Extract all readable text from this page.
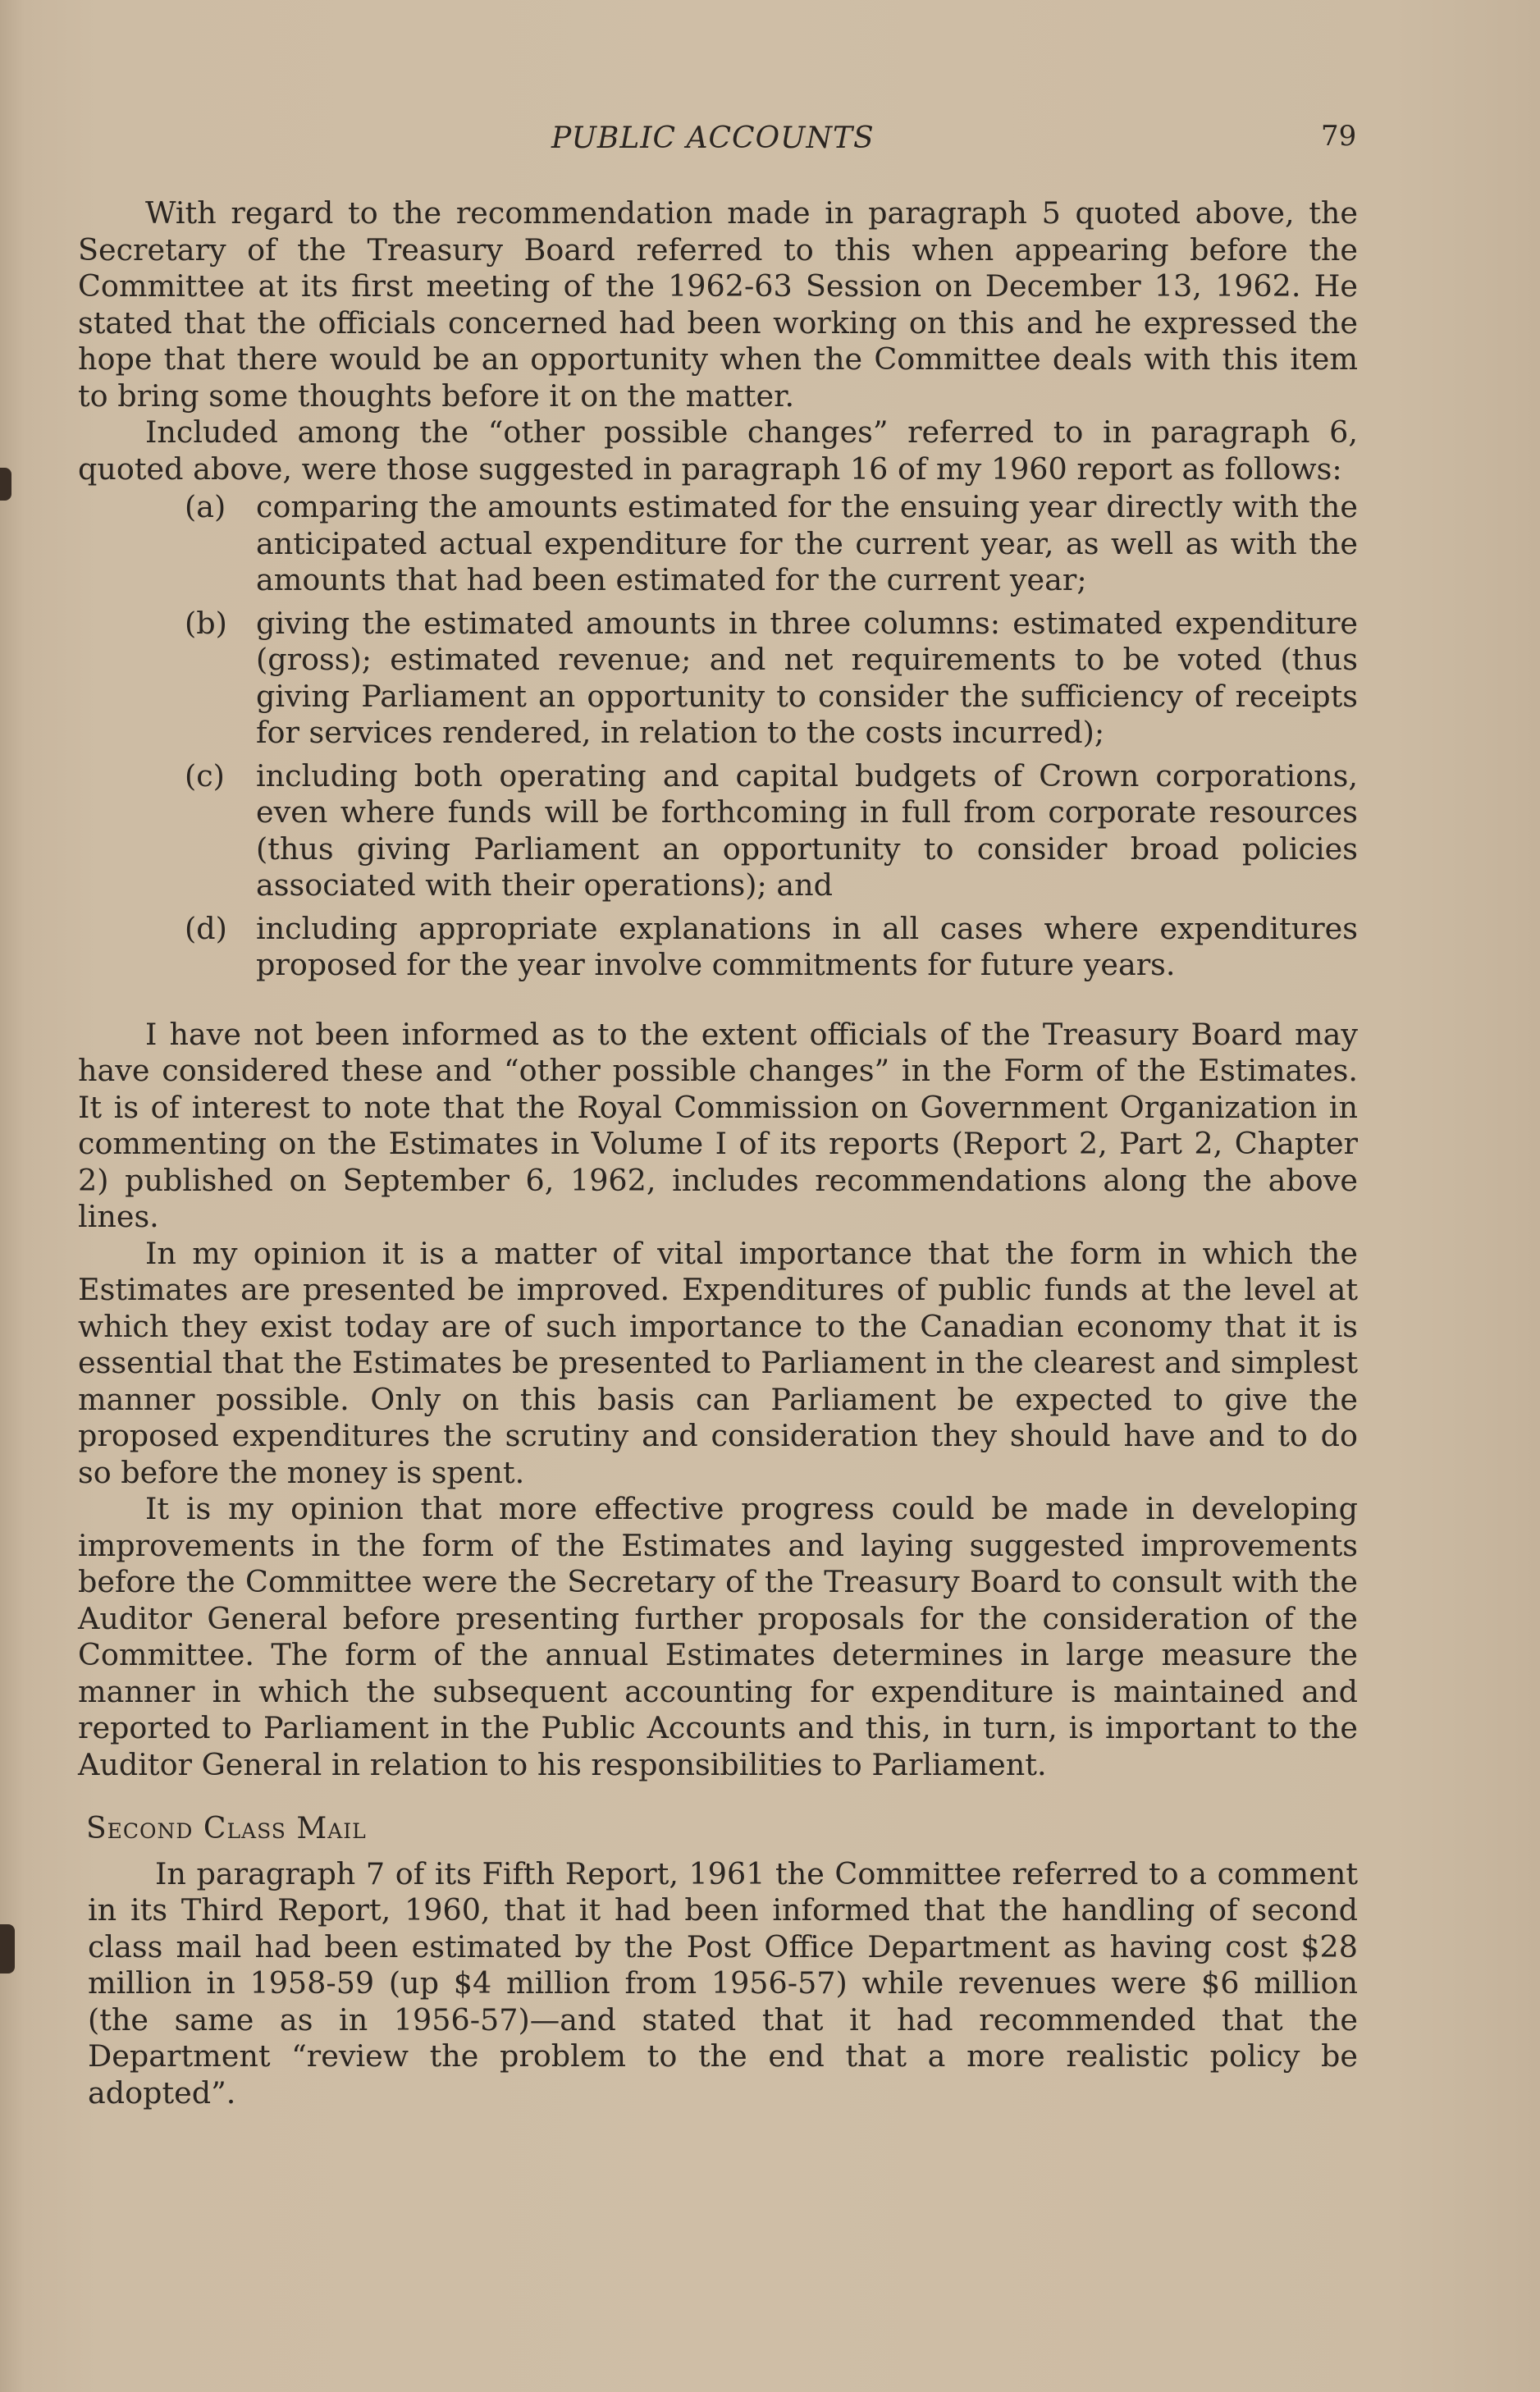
PUBLIC ACCOUNTS	79

With regard to the recommendation made in paragraph 5 quoted above, the Secretary of the Treasury Board referred to this when appearing before the Committee at its first meeting of the 1962-63 Session on December 13, 1962. He stated that the officials concerned had been working on this and he expressed the hope that there would be an opportunity when the Committee deals with this item to bring some thoughts before it on the matter.

Included among the “other possible changes” referred to in paragraph 6, quoted above, were those suggested in paragraph 16 of my 1960 report as follows:

(a)	comparing the amounts estimated for the ensuing year directly with the anticipated actual expenditure for the current year, as well as with the amounts that had been estimated for the current year;
(b) giving the estimated amounts in three columns: estimated expenditure (gross); estimated revenue; and net requirements to be voted (thus giving Parliament an opportunity to consider the sufficiency of receipts for services rendered, in relation to the costs incurred);
(c)	including both operating and capital budgets of Crown corporations, even where funds will be forthcoming in full from corporate resources (thus giving Parliament an opportunity to consider broad policies associated with their operations); and
(d) including appropriate explanations in all cases where expenditures proposed for the year involve commitments for future years.

I have not been informed as to the extent officials of the Treasury Board may have considered these and “other possible changes” in the Form of the Estimates. It is of interest to note that the Royal Commission on Government Organization in commenting on the Estimates in Volume I of its reports (Report 2, Part 2, Chapter 2) published on September 6, 1962, includes recommendations along the above lines.

In my opinion it is a matter of vital importance that the form in which the Estimates are presented be improved. Expenditures of public funds at the level at which they exist today are of such importance to the Canadian economy that it is essential that the Estimates be presented to Parliament in the clearest and simplest manner possible. Only on this basis can Parliament be expected to give the proposed expenditures the scrutiny and consideration they should have and to do so before the money is spent.

It is my opinion that more effective progress could be made in developing improvements in the form of the Estimates and laying suggested improvements before the Committee were the Secretary of the Treasury Board to consult with the Auditor General before presenting further proposals for the consideration of the Committee. The form of the annual Estimates determines in large measure the manner in which the subsequent accounting for expenditure is maintained and reported to Parliament in the Public Accounts and this, in turn, is important to the Auditor General in relation to his responsibilities to Parliament.

Second Class Mail

In paragraph 7 of its Fifth Report, 1961 the Committee referred to a comment in its Third Report, 1960, that it had been informed that the handling of second class mail had been estimated by the Post Office Department as having cost $28 million in 1958-59 (up $4 million from 1956-57) while revenues were $6 million (the same as in 1956-57)—and stated that it had recommended that the Department “review the problem to the end that a more realistic policy be adopted”.
